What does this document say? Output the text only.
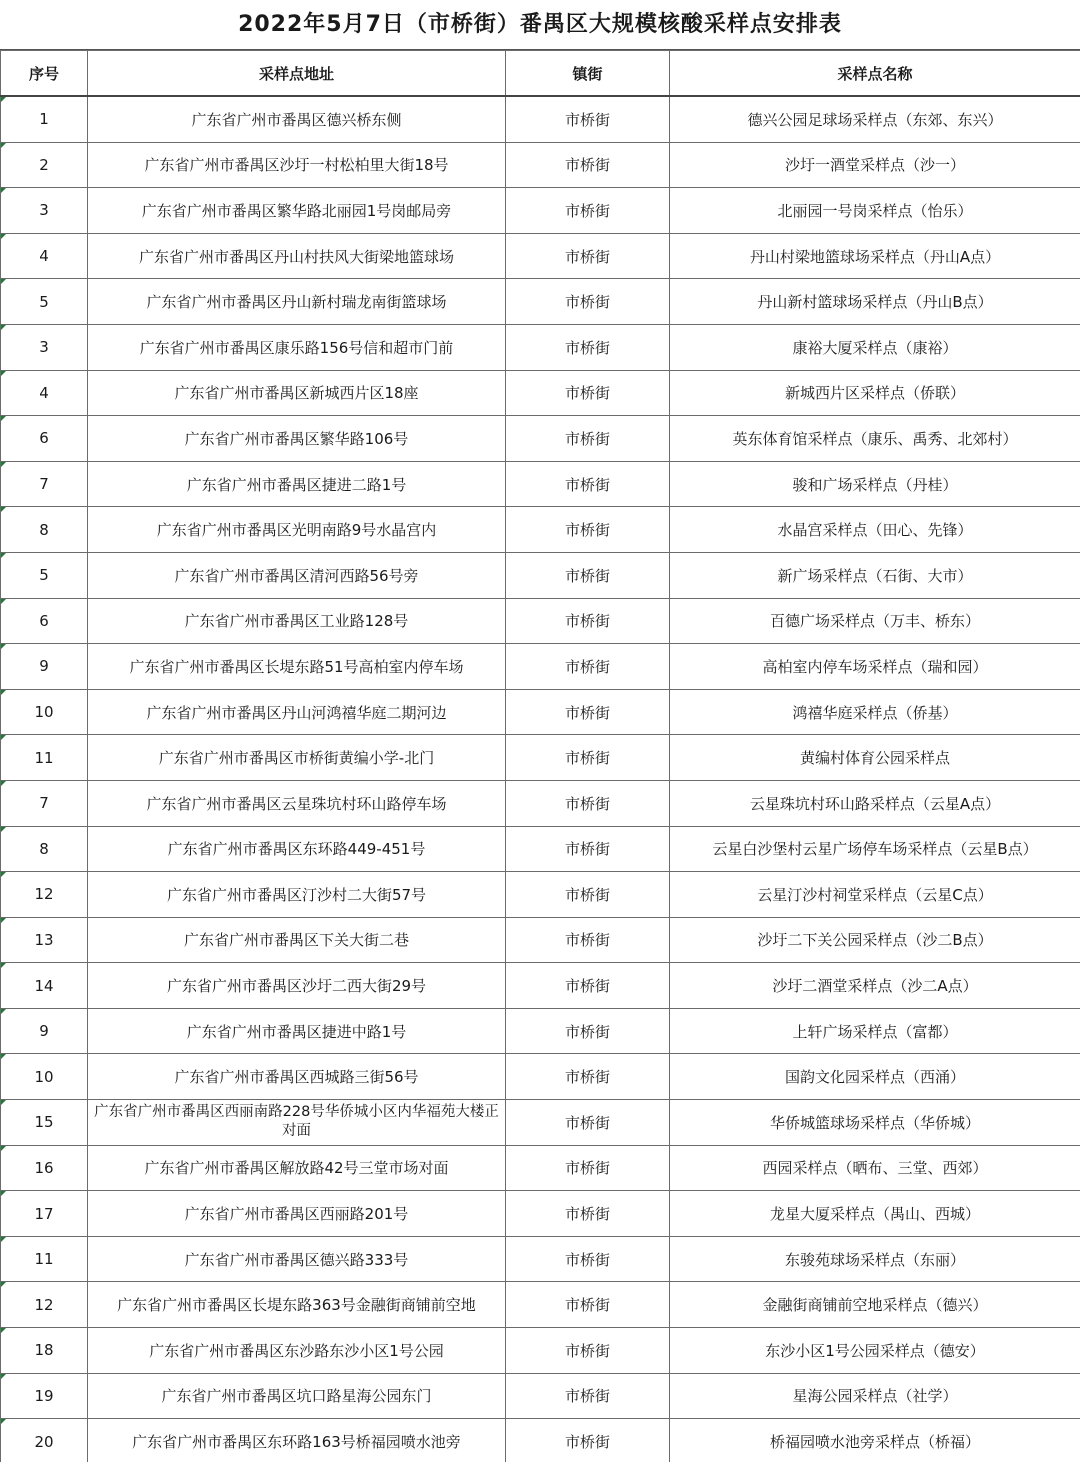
2022年5月7日（市桥街）番禺区大规模核酸采样点安排表
序号	采样点地址	镇街	采样点名称
1	广东省广州市番禺区德兴桥东侧	市桥街	德兴公园足球场采样点（东郊、东兴）
2	广东省广州市番禺区沙圩一村松柏里大街18号	市桥街	沙圩一酒堂采样点（沙一）
3	广东省广州市番禺区繁华路北丽园1号岗邮局旁	市桥街	北丽园一号岗采样点（怡乐）
4	广东省广州市番禺区丹山村扶风大街梁地篮球场	市桥街	丹山村梁地篮球场采样点（丹山A点）
5	广东省广州市番禺区丹山新村瑞龙南街篮球场	市桥街	丹山新村篮球场采样点（丹山B点）
3	广东省广州市番禺区康乐路156号信和超市门前	市桥街	康裕大厦采样点（康裕）
4	广东省广州市番禺区新城西片区18座	市桥街	新城西片区采样点（侨联）
6	广东省广州市番禺区繁华路106号	市桥街	英东体育馆采样点（康乐、禹秀、北郊村）
7	广东省广州市番禺区捷进二路1号	市桥街	骏和广场采样点（丹桂）
8	广东省广州市番禺区光明南路9号水晶宫内	市桥街	水晶宫采样点（田心、先锋）
5	广东省广州市番禺区清河西路56号旁	市桥街	新广场采样点（石街、大市）
6	广东省广州市番禺区工业路128号	市桥街	百德广场采样点（万丰、桥东）
9	广东省广州市番禺区长堤东路51号高柏室内停车场	市桥街	高柏室内停车场采样点（瑞和园）
10	广东省广州市番禺区丹山河鸿禧华庭二期河边	市桥街	鸿禧华庭采样点（侨基）
11	广东省广州市番禺区市桥街黄编小学-北门	市桥街	黄编村体育公园采样点
7	广东省广州市番禺区云星珠坑村环山路停车场	市桥街	云星珠坑村环山路采样点（云星A点）
8	广东省广州市番禺区东环路449-451号	市桥街	云星白沙堡村云星广场停车场采样点（云星B点）
12	广东省广州市番禺区汀沙村二大街57号	市桥街	云星汀沙村祠堂采样点（云星C点）
13	广东省广州市番禺区下关大街二巷	市桥街	沙圩二下关公园采样点（沙二B点）
14	广东省广州市番禺区沙圩二西大街29号	市桥街	沙圩二酒堂采样点（沙二A点）
9	广东省广州市番禺区捷进中路1号	市桥街	上轩广场采样点（富都）
10	广东省广州市番禺区西城路三街56号	市桥街	国韵文化园采样点（西涌）
15	广东省广州市番禺区西丽南路228号华侨城小区内华福苑大楼正对面	市桥街	华侨城篮球场采样点（华侨城）
16	广东省广州市番禺区解放路42号三堂市场对面	市桥街	西园采样点（晒布、三堂、西郊）
17	广东省广州市番禺区西丽路201号	市桥街	龙星大厦采样点（禺山、西城）
11	广东省广州市番禺区德兴路333号	市桥街	东骏苑球场采样点（东丽）
12	广东省广州市番禺区长堤东路363号金融街商铺前空地	市桥街	金融街商铺前空地采样点（德兴）
18	广东省广州市番禺区东沙路东沙小区1号公园	市桥街	东沙小区1号公园采样点（德安）
19	广东省广州市番禺区坑口路星海公园东门	市桥街	星海公园采样点（社学）
20	广东省广州市番禺区东环路163号桥福园喷水池旁	市桥街	桥福园喷水池旁采样点（桥福）
